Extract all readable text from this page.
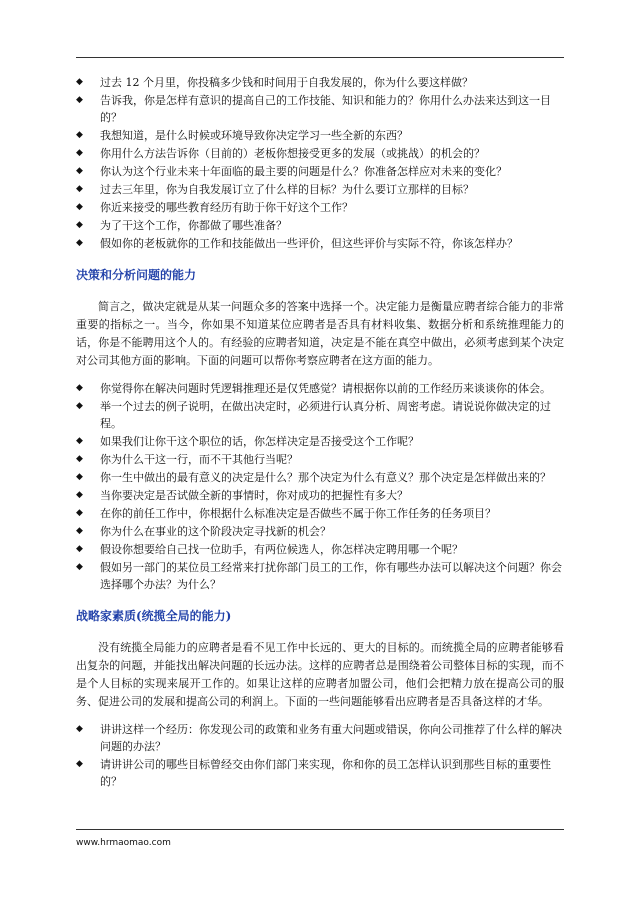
◆ 过去 12 个月里，你投稿多少钱和时间用于自我发展的，你为什么要这样做？
◆ 告诉我，你是怎样有意识的提高自己的工作技能、知识和能力的？你用什么办法来达到这一目的？
◆ 我想知道，是什么时候或环境导致你决定学习一些全新的东西？
◆ 你用什么方法告诉你（目前的）老板你想接受更多的发展（或挑战）的机会的？
◆ 你认为这个行业未来十年面临的最主要的问题是什么？你准备怎样应对未来的变化？
◆ 过去三年里，你为自我发展订立了什么样的目标？为什么要订立那样的目标？
◆ 你近来接受的哪些教育经历有助于你干好这个工作？
◆ 为了干这个工作，你都做了哪些准备？
◆ 假如你的老板就你的工作和技能做出一些评价，但这些评价与实际不符，你该怎样办？
决策和分析问题的能力

简言之，做决定就是从某一问题众多的答案中选择一个。决定能力是衡量应聘者综合能力的非常重要的指标之一。当今，你如果不知道某位应聘者是否具有材料收集、数据分析和系统推理能力的话，你是不能聘用这个人的。有经验的应聘者知道，决定是不能在真空中做出，必须考虑到某个决定对公司其他方面的影响。下面的问题可以帮你考察应聘者在这方面的能力。

◆ 你觉得你在解决问题时凭逻辑推理还是仅凭感觉？请根据你以前的工作经历来谈谈你的体会。
◆ 举一个过去的例子说明，在做出决定时，必须进行认真分析、周密考虑。请说说你做决定的过程。
◆ 如果我们让你干这个职位的话，你怎样决定是否接受这个工作呢？
◆ 你为什么干这一行，而不干其他行当呢？
◆ 你一生中做出的最有意义的决定是什么？那个决定为什么有意义？那个决定是怎样做出来的？
◆ 当你要决定是否试做全新的事情时，你对成功的把握性有多大？
◆ 在你的前任工作中，你根据什么标准决定是否做些不属于你工作任务的任务项目？
◆ 你为什么在事业的这个阶段决定寻找新的机会？
◆ 假设你想要给自己找一位助手，有两位候选人，你怎样决定聘用哪一个呢？
◆ 假如另一部门的某位员工经常来打扰你部门员工的工作，你有哪些办法可以解决这个问题？你会选择哪个办法？为什么？
战略家素质(统揽全局的能力)

没有统揽全局能力的应聘者是看不见工作中长远的、更大的目标的。而统揽全局的应聘者能够看出复杂的问题，并能找出解决问题的长远办法。这样的应聘者总是围绕着公司整体目标的实现，而不是个人目标的实现来展开工作的。如果让这样的应聘者加盟公司，他们会把精力放在提高公司的服务、促进公司的发展和提高公司的利润上。下面的一些问题能够看出应聘者是否具备这样的才华。

◆ 讲讲这样一个经历：你发现公司的政策和业务有重大问题或错误，你向公司推荐了什么样的解决问题的办法？
◆ 请讲讲公司的哪些目标曾经交由你们部门来实现，你和你的员工怎样认识到那些目标的重要性的？
www.hrmaomao.com
